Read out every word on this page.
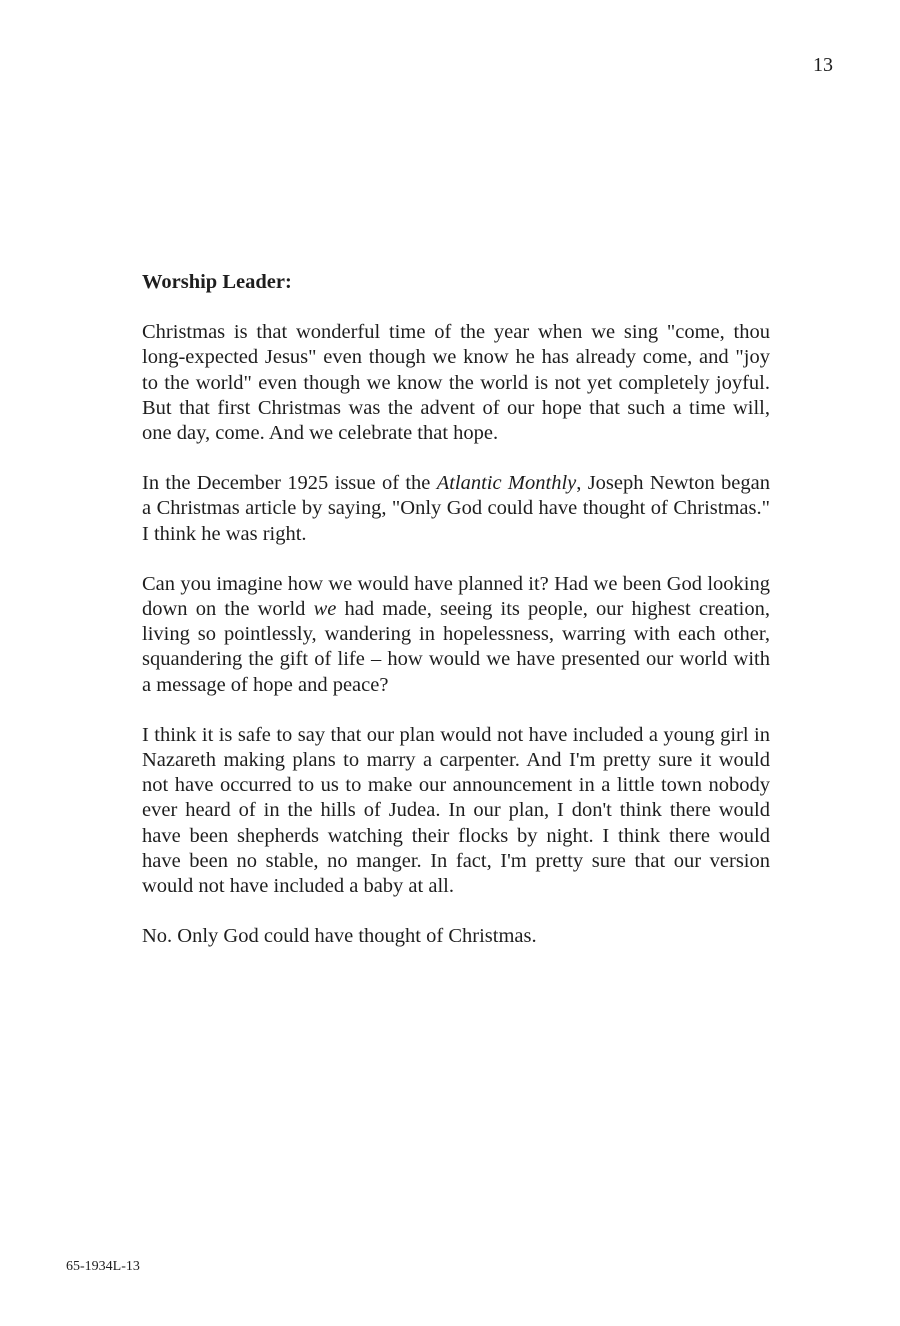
13

Worship Leader:

Christmas is that wonderful time of the year when we sing "come, thou long-expected Jesus" even though we know he has already come, and "joy to the world" even though we know the world is not yet completely joyful. But that first Christmas was the advent of our hope that such a time will, one day, come. And we celebrate that hope.

In the December 1925 issue of the Atlantic Monthly, Joseph Newton began a Christmas article by saying, "Only God could have thought of Christmas." I think he was right.

Can you imagine how we would have planned it? Had we been God looking down on the world we had made, seeing its people, our highest creation, living so pointlessly, wandering in hopelessness, warring with each other, squandering the gift of life – how would we have presented our world with a message of hope and peace?

I think it is safe to say that our plan would not have included a young girl in Nazareth making plans to marry a carpenter. And I'm pretty sure it would not have occurred to us to make our announcement in a little town nobody ever heard of in the hills of Judea. In our plan, I don't think there would have been shepherds watching their flocks by night. I think there would have been no stable, no manger. In fact, I'm pretty sure that our version would not have included a baby at all.

No. Only God could have thought of Christmas.

65-1934L-13
